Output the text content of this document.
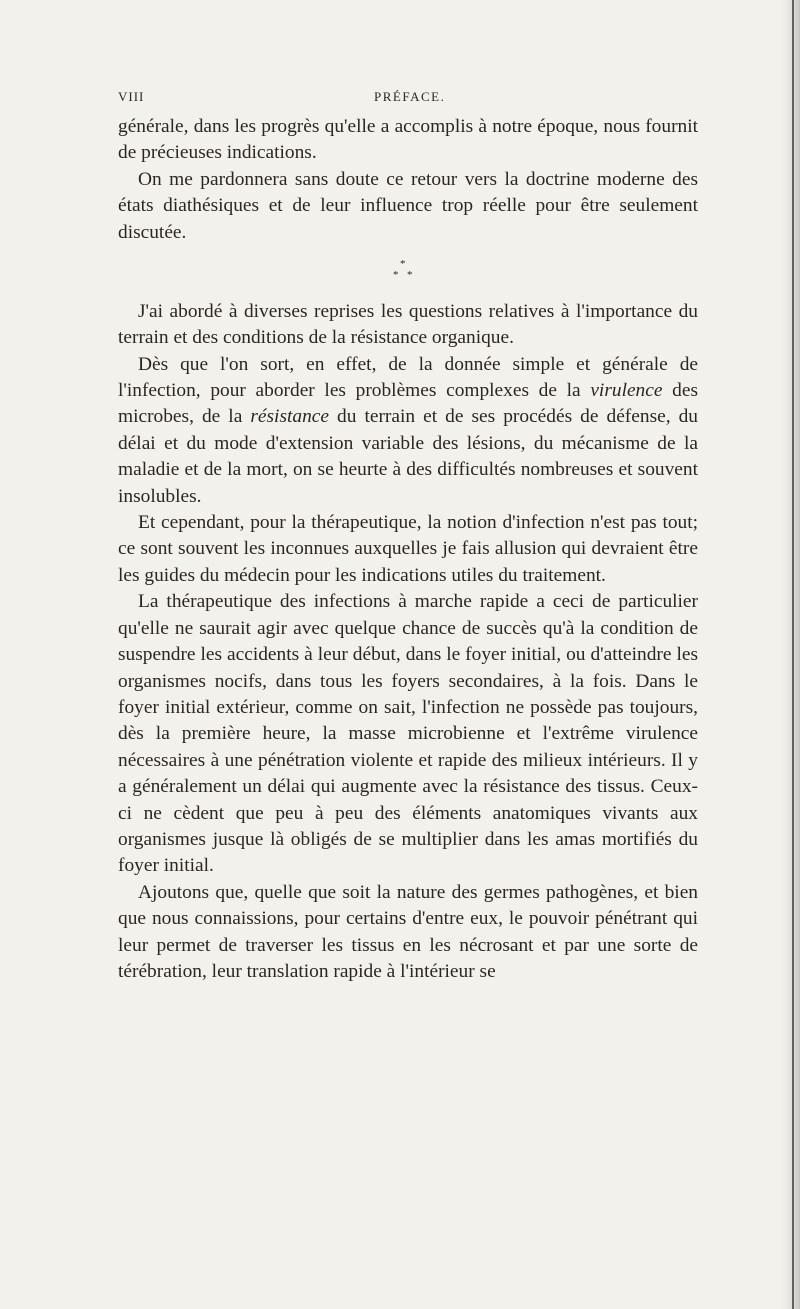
VIII	PRÉFACE.

générale, dans les progrès qu'elle a accomplis à notre époque, nous fournit de précieuses indications.

On me pardonnera sans doute ce retour vers la doctrine moderne des états diathésiques et de leur influence trop réelle pour être seulement discutée.

*
* *

J'ai abordé à diverses reprises les questions relatives à l'importance du terrain et des conditions de la résistance organique.

Dès que l'on sort, en effet, de la donnée simple et générale de l'infection, pour aborder les problèmes complexes de la virulence des microbes, de la résistance du terrain et de ses procédés de défense, du délai et du mode d'extension variable des lésions, du mécanisme de la maladie et de la mort, on se heurte à des difficultés nombreuses et souvent insolubles.

Et cependant, pour la thérapeutique, la notion d'infection n'est pas tout; ce sont souvent les inconnues auxquelles je fais allusion qui devraient être les guides du médecin pour les indications utiles du traitement.

La thérapeutique des infections à marche rapide a ceci de particulier qu'elle ne saurait agir avec quelque chance de succès qu'à la condition de suspendre les accidents à leur début, dans le foyer initial, ou d'atteindre les organismes nocifs, dans tous les foyers secondaires, à la fois. Dans le foyer initial extérieur, comme on sait, l'infection ne possède pas toujours, dès la première heure, la masse microbienne et l'extrême virulence nécessaires à une pénétration violente et rapide des milieux intérieurs. Il y a généralement un délai qui augmente avec la résistance des tissus. Ceux-ci ne cèdent que peu à peu des éléments anatomiques vivants aux organismes jusque là obligés de se multiplier dans les amas mortifiés du foyer initial.

Ajoutons que, quelle que soit la nature des germes pathogènes, et bien que nous connaissions, pour certains d'entre eux, le pouvoir pénétrant qui leur permet de traverser les tissus en les nécrosant et par une sorte de térébration, leur translation rapide à l'intérieur se
